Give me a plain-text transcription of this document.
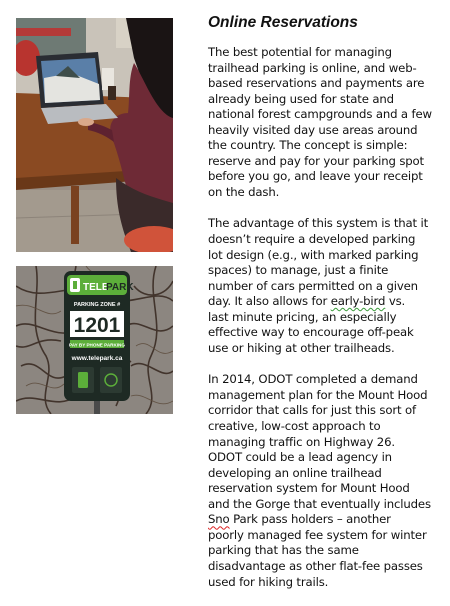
TELE
PARK
PARKING ZONE #
1201
PAY BY PHONE PARKING
www.telepark.ca
Online Reservations

The best potential for managing
trailhead parking is online, and web-
based reservations and payments are
already being used for state and
national forest campgrounds and a few
heavily visited day use areas around
the country. The concept is simple:
reserve and pay for your parking spot
before you go, and leave your receipt
on the dash.

The advantage of this system is that it
doesn’t require a developed parking
lot design (e.g., with marked parking
spaces) to manage, just a finite
number of cars permitted on a given
day. It also allows for early-bird vs.
last minute pricing, an especially
effective way to encourage off-peak
use or hiking at other trailheads.

In 2014, ODOT completed a demand
management plan for the Mount Hood
corridor that calls for just this sort of
creative, low-cost approach to
managing traffic on Highway 26.
ODOT could be a lead agency in
developing an online trailhead
reservation system for Mount Hood
and the Gorge that eventually includes
Sno Park pass holders – another
poorly managed fee system for winter
parking that has the same
disadvantage as other flat-fee passes
used for hiking trails.
